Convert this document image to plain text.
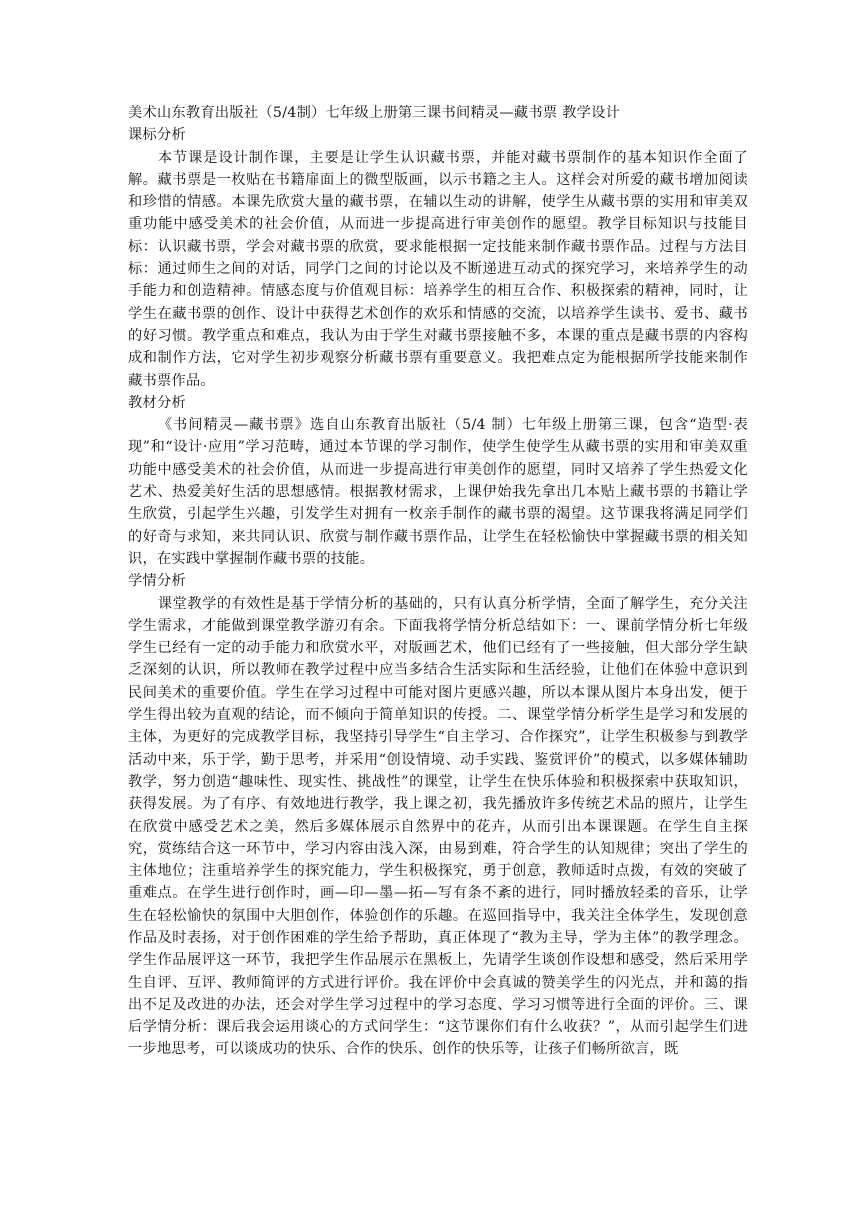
美术山东教育出版社（5/4制）七年级上册第三课书间精灵—藏书票 教学设计
课标分析

本节课是设计制作课，主要是让学生认识藏书票，并能对藏书票制作的基本知识作全面了解。藏书票是一枚贴在书籍扉面上的微型版画，以示书籍之主人。这样会对所爱的藏书增加阅读和珍惜的情感。本课先欣赏大量的藏书票，在辅以生动的讲解，使学生从藏书票的实用和审美双重功能中感受美术的社会价值，从而进一步提高进行审美创作的愿望。教学目标知识与技能目标：认识藏书票，学会对藏书票的欣赏，要求能根据一定技能来制作藏书票作品。过程与方法目标：通过师生之间的对话，同学门之间的讨论以及不断递进互动式的探究学习，来培养学生的动手能力和创造精神。情感态度与价值观目标：培养学生的相互合作、积极探索的精神，同时，让学生在藏书票的创作、设计中获得艺术创作的欢乐和情感的交流，以培养学生读书、爱书、藏书的好习惯。教学重点和难点，我认为由于学生对藏书票接触不多，本课的重点是藏书票的内容构成和制作方法，它对学生初步观察分析藏书票有重要意义。我把难点定为能根据所学技能来制作藏书票作品。

教材分析

《书间精灵—藏书票》选自山东教育出版社（5/4 制）七年级上册第三课，包含“造型·表现”和“设计·应用”学习范畴，通过本节课的学习制作，使学生使学生从藏书票的实用和审美双重功能中感受美术的社会价值，从而进一步提高进行审美创作的愿望，同时又培养了学生热爱文化艺术、热爱美好生活的思想感情。根据教材需求，上课伊始我先拿出几本贴上藏书票的书籍让学生欣赏，引起学生兴趣，引发学生对拥有一枚亲手制作的藏书票的渴望。这节课我将满足同学们的好奇与求知，来共同认识、欣赏与制作藏书票作品，让学生在轻松愉快中掌握藏书票的相关知识，在实践中掌握制作藏书票的技能。

学情分析

课堂教学的有效性是基于学情分析的基础的，只有认真分析学情，全面了解学生，充分关注学生需求，才能做到课堂教学游刃有余。下面我将学情分析总结如下：一、课前学情分析七年级学生已经有一定的动手能力和欣赏水平，对版画艺术，他们已经有了一些接触，但大部分学生缺乏深刻的认识，所以教师在教学过程中应当多结合生活实际和生活经验，让他们在体验中意识到民间美术的重要价值。学生在学习过程中可能对图片更感兴趣，所以本课从图片本身出发，便于学生得出较为直观的结论，而不倾向于简单知识的传授。二、课堂学情分析学生是学习和发展的主体，为更好的完成教学目标，我坚持引导学生“自主学习、合作探究”，让学生积极参与到教学活动中来，乐于学，勤于思考，并采用“创设情境、动手实践、鉴赏评价”的模式，以多媒体辅助教学，努力创造“趣味性、现实性、挑战性”的课堂，让学生在快乐体验和积极探索中获取知识，获得发展。为了有序、有效地进行教学，我上课之初，我先播放许多传统艺术品的照片，让学生在欣赏中感受艺术之美，然后多媒体展示自然界中的花卉，从而引出本课课题。在学生自主探究，赏练结合这一环节中，学习内容由浅入深，由易到难，符合学生的认知规律；突出了学生的主体地位；注重培养学生的探究能力，学生积极探究，勇于创意，教师适时点拨，有效的突破了重难点。在学生进行创作时，画—印—墨—拓—写有条不紊的进行，同时播放轻柔的音乐，让学生在轻松愉快的氛围中大胆创作，体验创作的乐趣。在巡回指导中，我关注全体学生，发现创意作品及时表扬，对于创作困难的学生给予帮助，真正体现了“教为主导，学为主体”的教学理念。学生作品展评这一环节，我把学生作品展示在黑板上，先请学生谈创作设想和感受，然后采用学生自评、互评、教师简评的方式进行评价。我在评价中会真诚的赞美学生的闪光点，并和蔼的指出不足及改进的办法，还会对学生学习过程中的学习态度、学习习惯等进行全面的评价。三、课后学情分析：课后我会运用谈心的方式问学生：“这节课你们有什么收获？”，从而引起学生们进一步地思考，可以谈成功的快乐、合作的快乐、创作的快乐等，让孩子们畅所欲言，既
